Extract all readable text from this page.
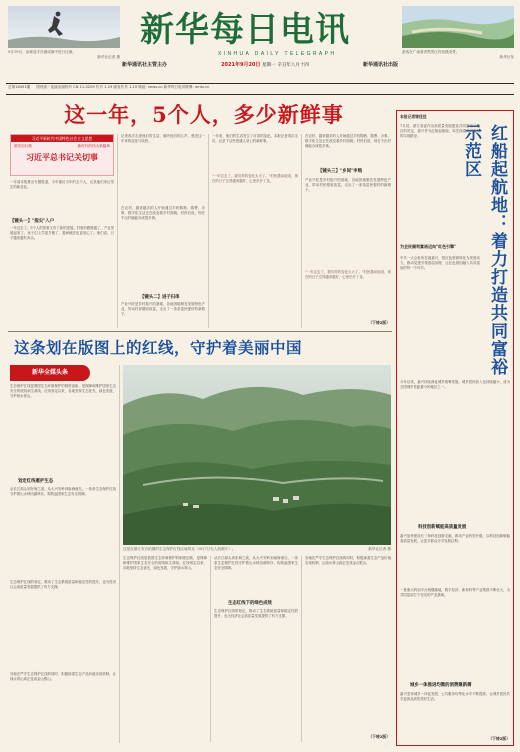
9月19日，参赛选手在测试赛中进行比赛。
新华社记者 摄
新华每日电讯
XINHUA DAILY TELEGRAPH
新华通讯社主管主办	2021年9月20日 星期一 辛丑年八月十四	新华通讯社出版
游客在广南普者黑景区内拍摄美景。
新华社发
总第16491期 国内统一连续出版物号 CN 11-0209 代号 1-19 邮发代号 1-19 网址: news.cn 新华每日电讯微博: mrdx.cn
这一年，5个人，多少新鲜事
习近平新时代中国特色社会主义思想
照亮前行路	新时代的伟大新篇章
习近平总书记关切事
一年前本报推出专题报道，今年重访当年的五个人，记录他们身边发生的新变化。
【镜头一】"指尖"入户
一年过去了，5个人的故事又有了新的进展。村里的路修通了，产业发展起来了，孩子们上学更方便了，看病就医也更省心了。他们说，日子越来越有奔头。
记者再次走进他们的生活，倾听他们的心声，感受这一年来的变化与收获。
在农村，越来越多的人开始通过手机购物、缴费、办事，数字化生活正在改变着乡村面貌。村民们说，现在不出村就能办成很多事。
【镜头二】进子扫串
产业兴旺是乡村振兴的基础，各地因地制宜发展特色产业，带动村民增收致富，走出了一条条富民强村的新路子。
一年来，他们的生活发生了可喜的变化。本报记者再次走访，记录下这些普通人身上的新鲜事。
"一年过去了，我们村的变化太大了。"村民激动地说，现在的日子过得越来越好，心里乐开了花。
【镜头三】"乡间"申购
在农村，越来越多的人开始通过手机购物、缴费、办事，数字化生活正在改变着乡村面貌。村民们说，现在不出村就能办成很多事。
产业兴旺是乡村振兴的基础，各地因地制宜发展特色产业，带动村民增收致富，走出了一条条富民强村的新路子。
"一年过去了，我们村的变化太大了。"村民激动地说，现在的日子过得越来越好，心里乐开了花。
（下转2版）
这条划在版图上的红线，守护着美丽中国
新华全媒头条
生态保护红线是我国生态环境保护的制度创新，是保障和维护国家生态安全的底线和生命线。红线划定以来，各地坚持生态优先、绿色发展，守护绿水青山。
划定红线惠护生态
从长江源头到东海之滨，从大兴安岭到南海诸岛，一条条生态保护红线守护着山水林田湖草沙，构筑起国家生态安全屏障。
生态保护红线的划定，推动了生态系统质量和稳定性的提升，也为经济社会高质量发展提供了有力支撑。
各地在严守生态保护红线的同时，积极探索生态产品价值实现机制，让绿水青山真正变成金山银山。
这是在浙江安吉拍摄的生态保护红线区域风光（9月7日无人机照片）。	新华社记者 摄
生态保护红线是我国生态环境保护的制度创新，是保障和维护国家生态安全的底线和生命线。红线划定以来，各地坚持生态优先、绿色发展，守护绿水青山。
从长江源头到东海之滨，从大兴安岭到南海诸岛，一条条生态保护红线守护着山水林田湖草沙，构筑起国家生态安全屏障。
生态红线下的绿色成效
生态保护红线的划定，推动了生态系统质量和稳定性的提升，也为经济社会高质量发展提供了有力支撑。
各地在严守生态保护红线的同时，积极探索生态产品价值实现机制，让绿水青山真正变成金山银山。
（下转2版）
本报记者谢佳佳
红船起航地：着力打造共同富裕示范区
7月初，浙江省委作出高质量发展建设共同富裕示范区的决定，嘉兴作为红船起航地，率先探索共同富裕的实现路径。
为全民福利富裕迈向"红色引擎"
中共一大会址所在地嘉兴，把红色资源转化为发展动力，推动党建引领基层治理，让红色基因融入共同富裕的每一个环节。
今年以来，嘉兴持续深化城乡统筹发展，城乡居民收入比持续缩小，成为全国城乡差距最小的地区之一。
科技创新赋能高质量发展
嘉兴加快建设长三角科技创新走廊，推动产业转型升级，以科技创新赋能高质量发展，让更多群众分享发展红利。
一批重大科创平台相继落地，数字经济、新材料等产业集群不断壮大，为共同富裕打下坚实的产业基础。
城乡一体推进均衡的消费聚新需
嘉兴坚持城乡一体化发展，公共服务均等化水平不断提高，让城乡居民共享更高品质的美好生活。
（下转2版）
